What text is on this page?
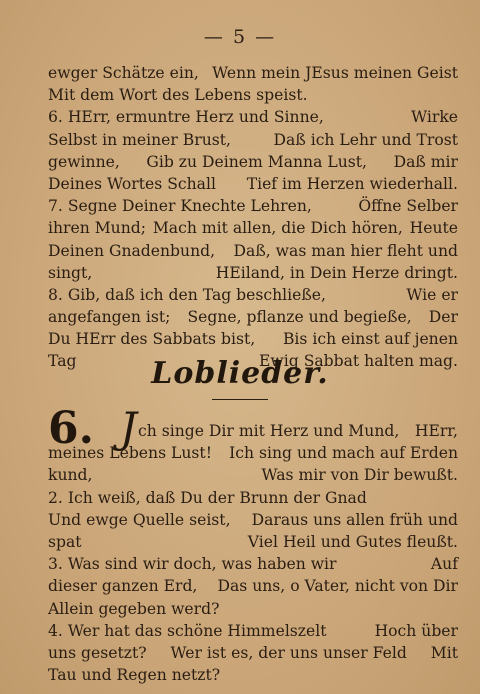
— 5 —
ewger Schätze ein, Wenn mein JEsus meinen Geist
Mit dem Wort des Lebens speist.
6. HErr, ermuntre Herz und Sinne,	Wirke
Selbst in meiner Brust,	Daß ich Lehr und Trost
gewinne, Gib zu Deinem Manna Lust, Daß mir
Deines Wortes Schall Tief im Herzen wiederhall.
7. Segne Deiner Knechte Lehren,	Öffne Selber
ihren Mund; Mach mit allen, die Dich hören, Heute
Deinen Gnadenbund, Daß, was man hier fleht und
singt,	HEiland, in Dein Herze dringt.
8. Gib, daß ich den Tag beschließe,	Wie er
angefangen ist; Segne, pflanze und begieße, Der
Du HErr des Sabbats bist, Bis ich einst auf jenen
Tag	Ewig Sabbat halten mag.
Loblieder.
6. J ch singe Dir mit Herz und Mund, HErr,
meines Lebens Lust! Ich sing und mach auf Erden
kund,	Was mir von Dir bewußt.
2. Ich weiß, daß Du der Brunn der Gnad
Und ewge Quelle seist, Daraus uns allen früh und
spat	Viel Heil und Gutes fleußt.
3. Was sind wir doch, was haben wir	Auf
dieser ganzen Erd, Das uns, o Vater, nicht von Dir
Allein gegeben werd?
4. Wer hat das schöne Himmelszelt	Hoch über
uns gesetzt? Wer ist es, der uns unser Feld Mit
Tau und Regen netzt?
